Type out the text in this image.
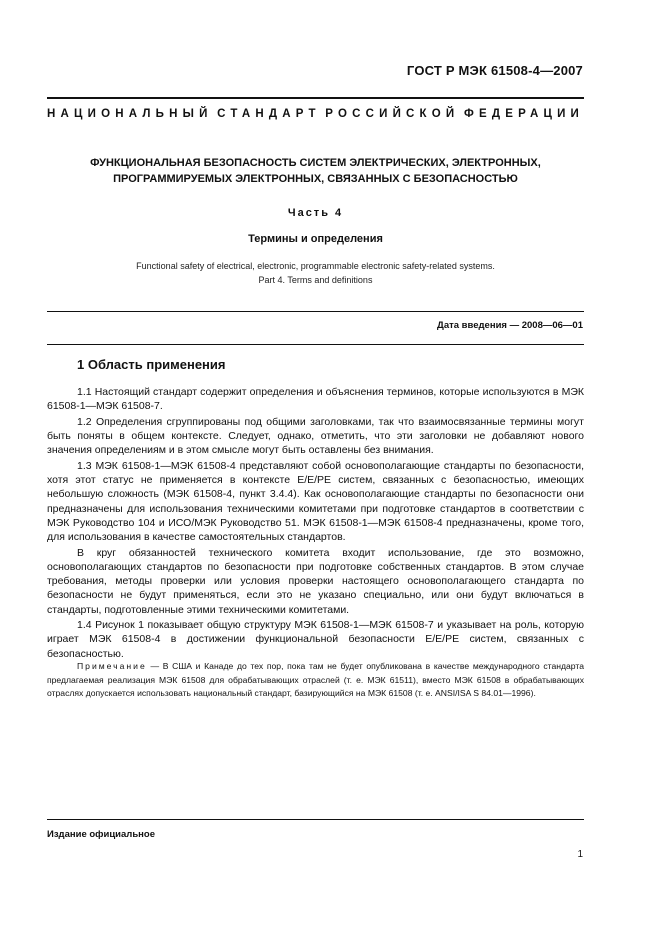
ГОСТ Р МЭК 61508-4—2007
НАЦИОНАЛЬНЫЙ СТАНДАРТ РОССИЙСКОЙ ФЕДЕРАЦИИ
ФУНКЦИОНАЛЬНАЯ БЕЗОПАСНОСТЬ СИСТЕМ ЭЛЕКТРИЧЕСКИХ, ЭЛЕКТРОННЫХ,
ПРОГРАММИРУЕМЫХ ЭЛЕКТРОННЫХ, СВЯЗАННЫХ С БЕЗОПАСНОСТЬЮ
Часть 4
Термины и определения
Functional safety of electrical, electronic, programmable electronic safety-related systems.
Part 4. Terms and definitions
Дата введения — 2008—06—01
1 Область применения

1.1 Настоящий стандарт содержит определения и объяснения терминов, которые используются в МЭК 61508-1—МЭК 61508-7.

1.2 Определения сгруппированы под общими заголовками, так что взаимосвязанные термины могут быть поняты в общем контексте. Следует, однако, отметить, что эти заголовки не добавляют нового значения определениям и в этом смысле могут быть оставлены без внимания.

1.3 МЭК 61508-1—МЭК 61508-4 представляют собой основополагающие стандарты по безопасности, хотя этот статус не применяется в контексте E/E/PE систем, связанных с безопасностью, имеющих небольшую сложность (МЭК 61508-4, пункт 3.4.4). Как основополагающие стандарты по безопасности они предназначены для использования техническими комитетами при подготовке стандартов в соответствии с МЭК Руководство 104 и ИСО/МЭК Руководство 51. МЭК 61508-1—МЭК 61508-4 предназначены, кроме того, для использования в качестве самостоятельных стандартов.

В круг обязанностей технического комитета входит использование, где это возможно, основополагающих стандартов по безопасности при подготовке собственных стандартов. В этом случае требования, методы проверки или условия проверки настоящего основополагающего стандарта по безопасности не будут применяться, если это не указано специально, или они будут включаться в стандарты, подготовленные этими техническими комитетами.

1.4 Рисунок 1 показывает общую структуру МЭК 61508-1—МЭК 61508-7 и указывает на роль, которую играет МЭК 61508-4 в достижении функциональной безопасности E/E/PE систем, связанных с безопасностью.

Примечание — В США и Канаде до тех пор, пока там не будет опубликована в качестве международного стандарта предлагаемая реализация МЭК 61508 для обрабатывающих отраслей (т. е. МЭК 61511), вместо МЭК 61508 в обрабатывающих отраслях допускается использовать национальный стандарт, базирующийся на МЭК 61508 (т. е. ANSI/ISA S 84.01—1996).
Издание официальное
1
